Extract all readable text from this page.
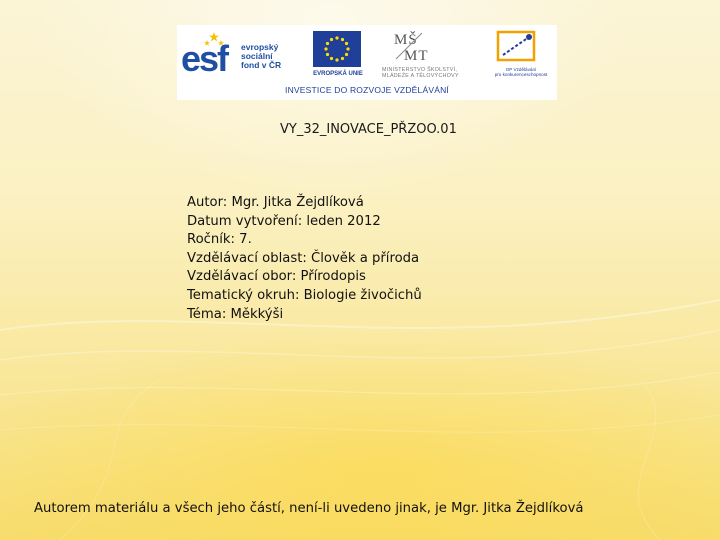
esf evropský
sociální
fond v ČR
EVROPSKÁ UNIE
MŠ
MT
MINISTERSTVO ŠKOLSTVÍ,
MLÁDEŽE A TĚLOVÝCHOVY
OP Vzdělávání
pro konkurenceschopnost
INVESTICE DO ROZVOJE VZDĚLÁVÁNÍ
VY_32_INOVACE_PŘZOO.01
Autor: Mgr. Jitka Žejdlíková
Datum vytvoření: leden 2012
Ročník: 7.
Vzdělávací oblast: Člověk a příroda
Vzdělávací obor: Přírodopis
Tematický okruh: Biologie živočichů
Téma: Měkkýši
Autorem materiálu a všech jeho částí, není-li uvedeno jinak, je Mgr. Jitka Žejdlíková
